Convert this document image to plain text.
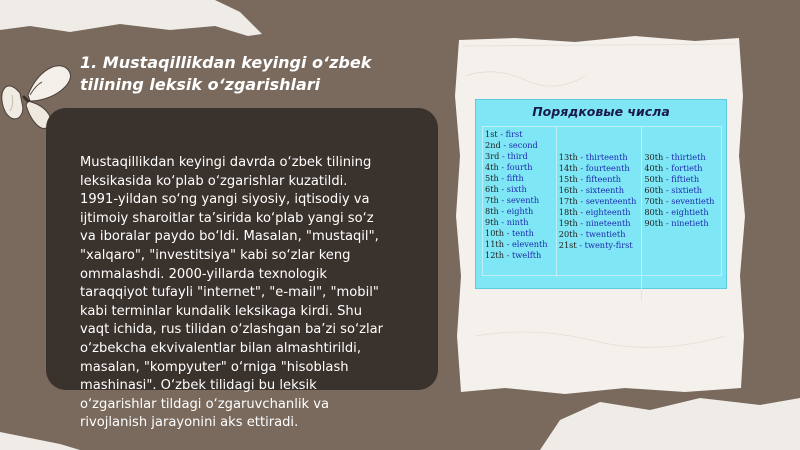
1. Mustaqillikdan keyingi o‘zbek
tilining leksik o‘zgarishlari
Mustaqillikdan keyingi davrda o‘zbek tilining
leksikasida ko‘plab o‘zgarishlar kuzatildi.
1991-yildan so‘ng yangi siyosiy, iqtisodiy va
ijtimoiy sharoitlar ta’sirida ko‘plab yangi so‘z
va iboralar paydo bo‘ldi. Masalan, "mustaqil",
"xalqaro", "investitsiya" kabi so‘zlar keng
ommalashdi. 2000-yillarda texnologik
taraqqiyot tufayli "internet", "e-mail", "mobil"
kabi terminlar kundalik leksikaga kirdi. Shu
vaqt ichida, rus tilidan o‘zlashgan ba’zi so‘zlar
o‘zbekcha ekvivalentlar bilan almashtirildi,
masalan, "kompyuter" o‘rniga "hisoblash
mashinasi". O‘zbek tilidagi bu leksik
o‘zgarishlar tildagi o‘zgaruvchanlik va
rivojlanish jarayonini aks ettiradi.
Порядковые числа
1st - first
2nd - second
3rd - third
4th - fourth
5th - fifth
6th - sixth
7th - seventh
8th - eighth
9th - ninth
10th - tenth
11th - eleventh
12th - twelfth
13th - thirteenth
14th - fourteenth
15th - fifteenth
16th - sixteenth
17th - seventeenth
18th - eighteenth
19th - nineteenth
20th - twentieth
21st - twenty-first
30th - thirtieth
40th - fortieth
50th - fiftieth
60th - sixtieth
70th - seventieth
80th - eightieth
90th - ninetieth
